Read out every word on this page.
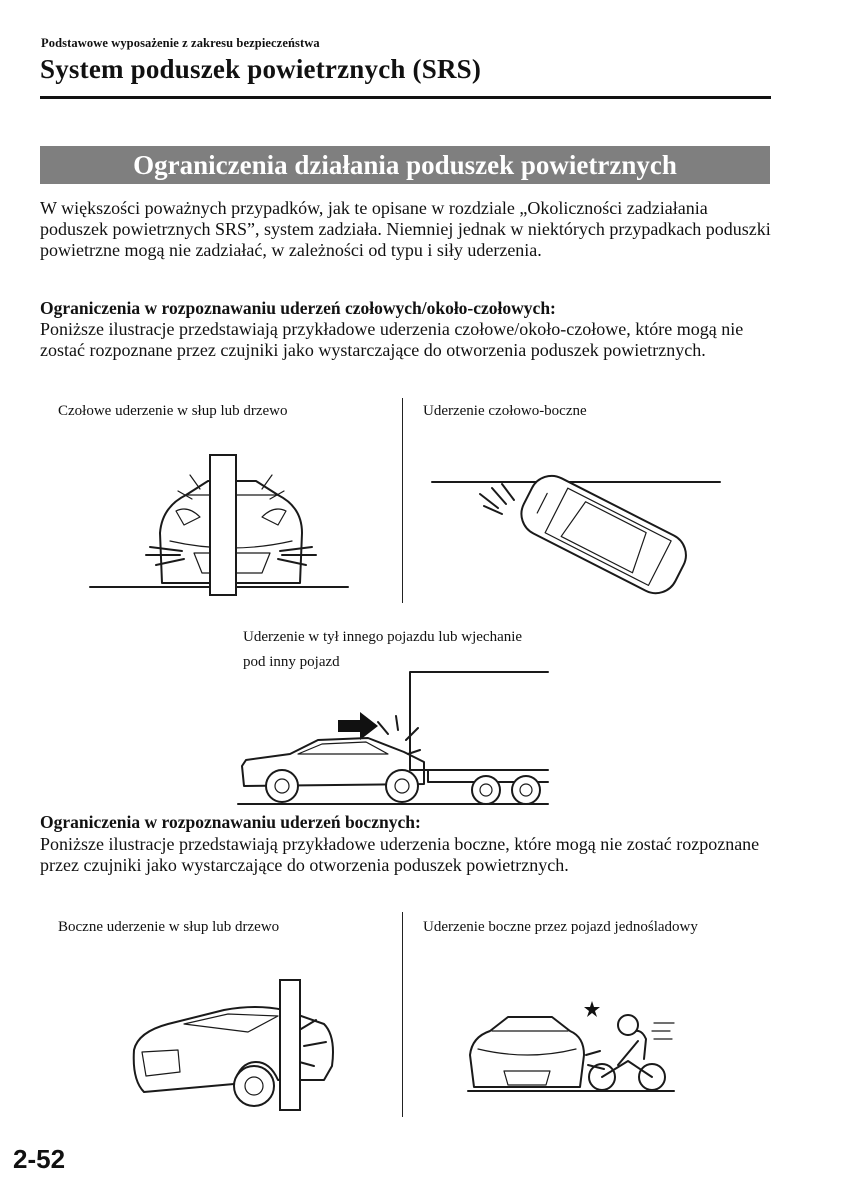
Podstawowe wyposażenie z zakresu bezpieczeństwa
System poduszek powietrznych (SRS)
Ograniczenia działania poduszek powietrznych
W większości poważnych przypadków, jak te opisane w rozdziale „Okoliczności zadziałania poduszek powietrznych SRS”, system zadziała. Niemniej jednak w niektórych przypadkach poduszki powietrzne mogą nie zadziałać, w zależności od typu i siły uderzenia.
Ograniczenia w rozpoznawaniu uderzeń czołowych/około-czołowych:
Poniższe ilustracje przedstawiają przykładowe uderzenia czołowe/około-czołowe, które mogą nie zostać rozpoznane przez czujniki jako wystarczające do otworzenia poduszek powietrznych.
Czołowe uderzenie w słup lub drzewo	Uderzenie czołowo-boczne
Uderzenie w tył innego pojazdu lub wjechanie
pod inny pojazd
Ograniczenia w rozpoznawaniu uderzeń bocznych:
Poniższe ilustracje przedstawiają przykładowe uderzenia boczne, które mogą nie zostać rozpoznane przez czujniki jako wystarczające do otworzenia poduszek powietrznych.
Boczne uderzenie w słup lub drzewo	Uderzenie boczne przez pojazd jednośladowy
2-52
